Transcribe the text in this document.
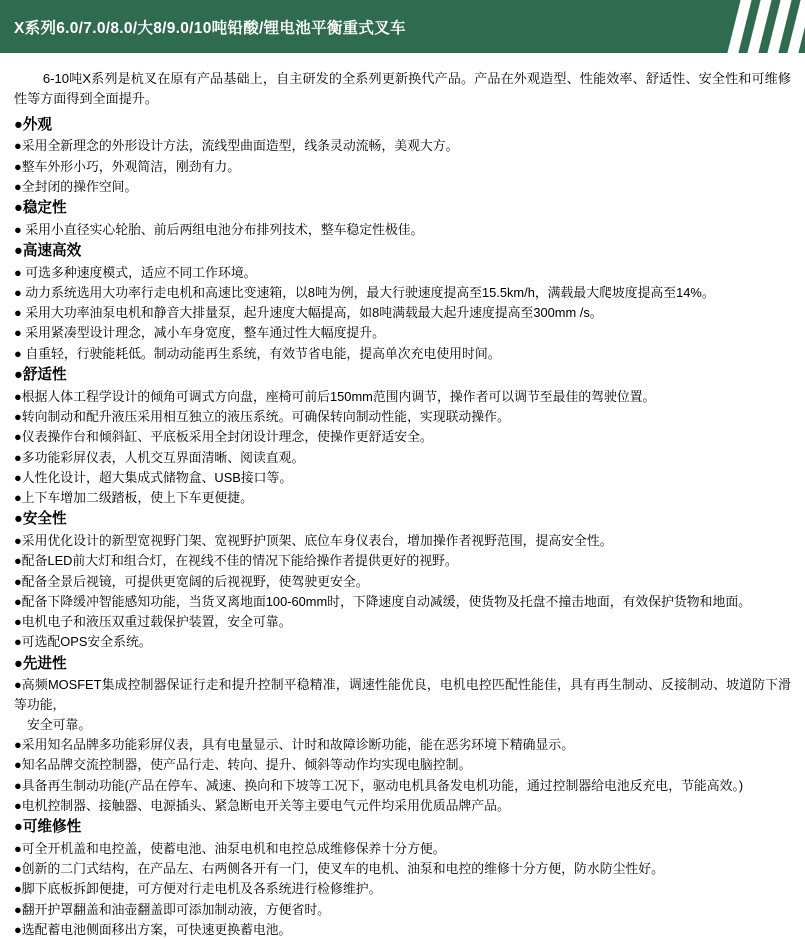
X系列6.0/7.0/8.0/大8/9.0/10吨铅酸/锂电池平衡重式叉车

6-10吨X系列是杭叉在原有产品基础上，自主研发的全系列更新换代产品。产品在外观造型、性能效率、舒适性、安全性和可维修性等方面得到全面提升。

●外观
●采用全新理念的外形设计方法，流线型曲面造型，线条灵动流畅，美观大方。
●整车外形小巧，外观简洁，刚劲有力。
●全封闭的操作空间。
●稳定性
● 采用小直径实心轮胎、前后两组电池分布排列技术，整车稳定性极佳。
●高速高效
● 可选多种速度模式，适应不同工作环境。
● 动力系统选用大功率行走电机和高速比变速箱，以8吨为例，最大行驶速度提高至15.5km/h，满载最大爬坡度提高至14%。
● 采用大功率油泵电机和静音大排量泵，起升速度大幅提高，如8吨满载最大起升速度提高至300mm /s。
● 采用紧凑型设计理念，减小车身宽度，整车通过性大幅度提升。
● 自重轻，行驶能耗低。制动动能再生系统，有效节省电能，提高单次充电使用时间。
●舒适性
●根据人体工程学设计的倾角可调式方向盘，座椅可前后150mm范围内调节，操作者可以调节至最佳的驾驶位置。
●转向制动和配升液压采用相互独立的液压系统。可确保转向制动性能，实现联动操作。
●仪表操作台和倾斜缸、平底板采用全封闭设计理念，使操作更舒适安全。
●多功能彩屏仪表，人机交互界面清晰、阅读直观。
●人性化设计，超大集成式储物盒、USB接口等。
●上下车增加二级踏板，使上下车更便捷。
●安全性
●采用优化设计的新型宽视野门架、宽视野护顶架、底位车身仪表台，增加操作者视野范围，提高安全性。
●配备LED前大灯和组合灯，在视线不佳的情况下能给操作者提供更好的视野。
●配备全景后视镜，可提供更宽阔的后视视野，使驾驶更安全。
●配备下降缓冲智能感知功能，当货叉离地面100-60mm时，下降速度自动减缓，使货物及托盘不撞击地面，有效保护货物和地面。
●电机电子和液压双重过载保护装置，安全可靠。
●可选配OPS安全系统。
●先进性
●高频MOSFET集成控制器保证行走和提升控制平稳精准，调速性能优良，电机电控匹配性能佳，具有再生制动、反接制动、坡道防下滑等功能，
安全可靠。
●采用知名品牌多功能彩屏仪表，具有电量显示、计时和故障诊断功能，能在恶劣环境下精确显示。
●知名品牌交流控制器，使产品行走、转向、提升、倾斜等动作均实现电脑控制。
●具备再生制动功能(产品在停车、减速、换向和下坡等工况下，驱动电机具备发电机功能，通过控制器给电池反充电，节能高效。)
●电机控制器、接触器、电源插头、紧急断电开关等主要电气元件均采用优质品牌产品。
●可维修性
●可全开机盖和电控盖，使蓄电池、油泵电机和电控总成维修保养十分方便。
●创新的二门式结构，在产品左、右两侧各开有一门，使叉车的电机、油泵和电控的维修十分方便，防水防尘性好。
●脚下底板拆卸便捷，可方便对行走电机及各系统进行检修维护。
●翻开护罩翻盖和油壶翻盖即可添加制动液，方便省时。
●选配蓄电池侧面移出方案，可快速更换蓄电池。
